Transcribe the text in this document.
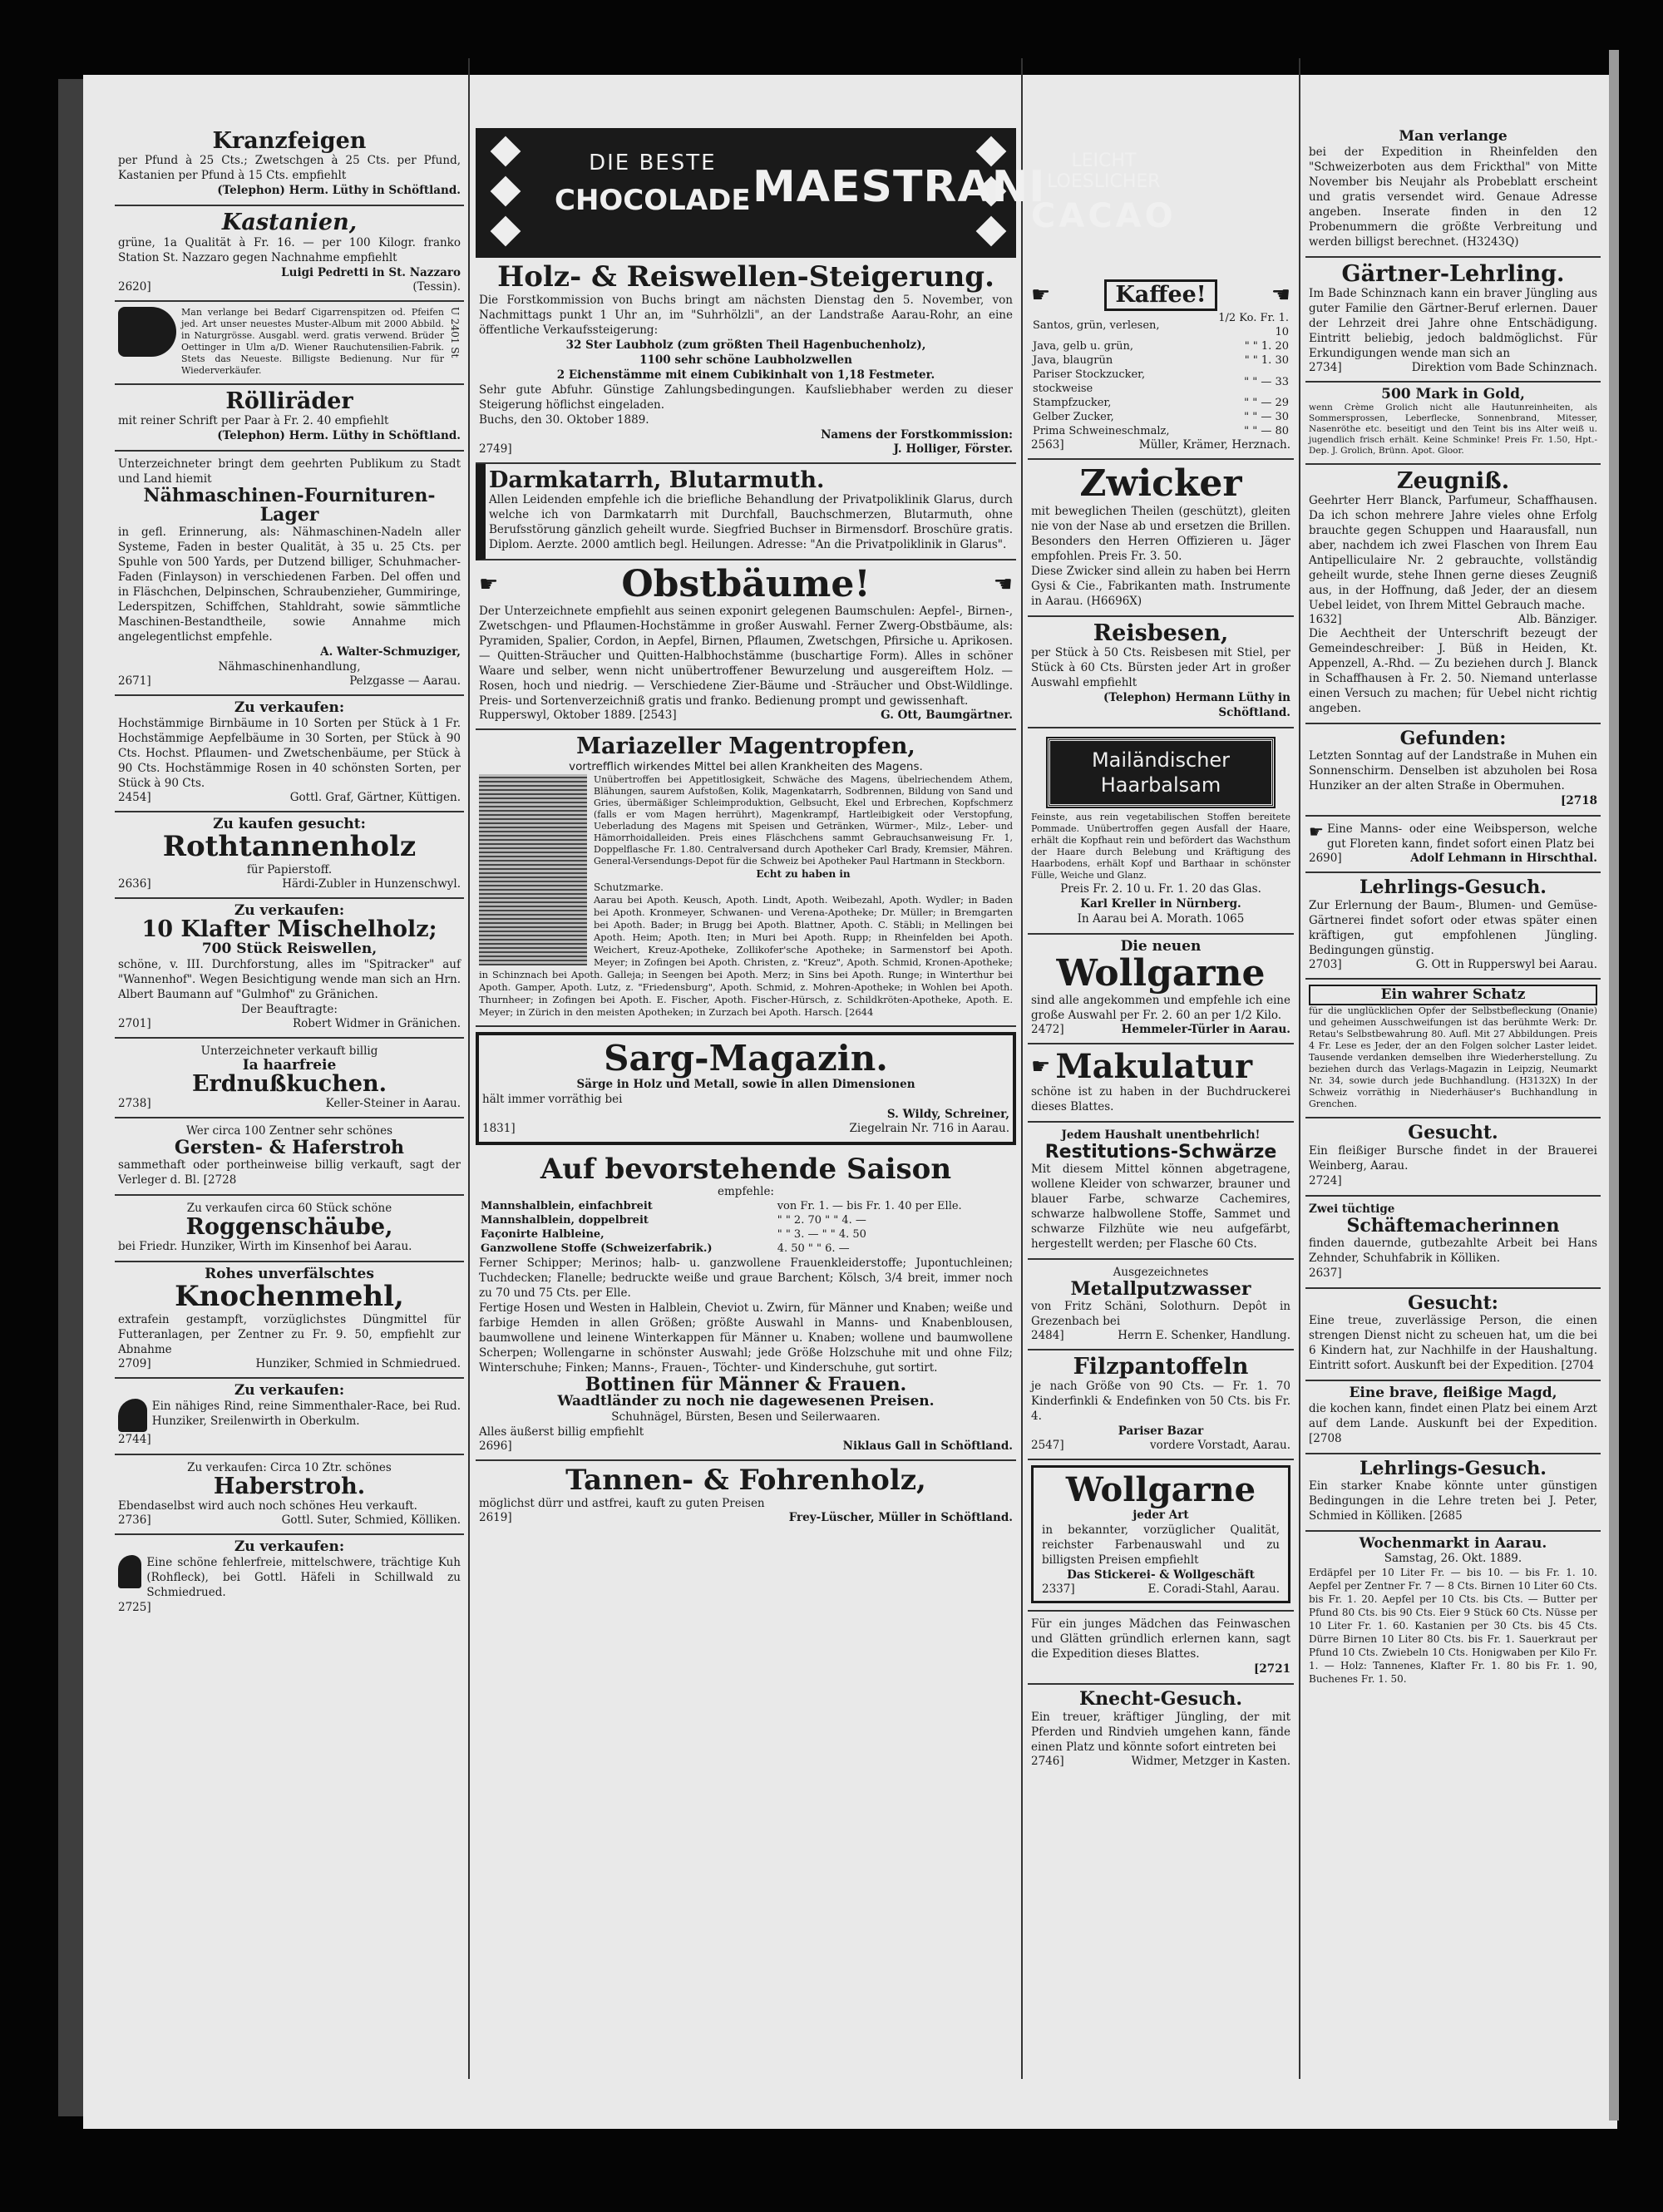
Kranzfeigen
per Pfund à 25 Cts.; Zwetschgen à 25 Cts. per Pfund, Kastanien per Pfund à 15 Cts. empfiehlt
(Telephon) Herm. Lüthy in Schöftland.
Kastanien,
grüne, 1a Qualität à Fr. 16. — per 100 Kilogr. franko Station St. Nazzaro gegen Nachnahme empfiehlt
Luigi Pedretti in St. Nazzaro
2620]	(Tessin).
Man verlange bei Bedarf Cigarrenspitzen od. Pfeifen jed. Art unser neuestes Muster-Album mit 2000 Abbild. in Naturgrösse. Ausgabl. werd. gratis verwend. Brüder Oettinger in Ulm a/D. Wiener Rauchutensilien-Fabrik. Stets das Neueste. Billigste Bedienung. Nur für Wiederverkäufer.
U 2401 St
Rölliräder
mit reiner Schrift per Paar à Fr. 2. 40 empfiehlt
(Telephon) Herm. Lüthy in Schöftland.
Unterzeichneter bringt dem geehrten Publikum zu Stadt und Land hiemit
Nähmaschinen-Fournituren-Lager
in gefl. Erinnerung, als: Nähmaschinen-Nadeln aller Systeme, Faden in bester Qualität, à 35 u. 25 Cts. per Spuhle von 500 Yards, per Dutzend billiger, Schuhmacher-Faden (Finlayson) in verschiedenen Farben. Del offen und in Fläschchen, Delpinschen, Schraubenzieher, Gummiringe, Lederspitzen, Schiffchen, Stahldraht, sowie sämmtliche Maschinen-Bestandtheile, sowie Annahme mich angelegentlichst empfehle.
A. Walter-Schmuziger,
Nähmaschinenhandlung,
2671]	Pelzgasse — Aarau.
Zu verkaufen:
Hochstämmige Birnbäume in 10 Sorten per Stück à 1 Fr. Hochstämmige Aepfelbäume in 30 Sorten, per Stück à 90 Cts. Hochst. Pflaumen- und Zwetschenbäume, per Stück à 90 Cts. Hochstämmige Rosen in 40 schönsten Sorten, per Stück à 90 Cts.
2454]	Gottl. Graf, Gärtner, Küttigen.
Zu kaufen gesucht:
Rothtannenholz
für Papierstoff.
2636]	Härdi-Zubler in Hunzenschwyl.
Zu verkaufen:
10 Klafter Mischelholz;
700 Stück Reiswellen,
schöne, v. III. Durchforstung, alles im "Spitracker" auf "Wannenhof". Wegen Besichtigung wende man sich an Hrn. Albert Baumann auf "Gulmhof" zu Gränichen.
Der Beauftragte:
2701]	Robert Widmer in Gränichen.
Unterzeichneter verkauft billig
Ia haarfreie
Erdnußkuchen.
2738]	Keller-Steiner in Aarau.
Wer circa 100 Zentner sehr schönes
Gersten- & Haferstroh
sammethaft oder portheinweise billig verkauft, sagt der Verleger d. Bl. [2728
Zu verkaufen circa 60 Stück schöne
Roggenschäube,
bei Friedr. Hunziker, Wirth im Kinsenhof bei Aarau.
Rohes unverfälschtes
Knochenmehl,
extrafein gestampft, vorzüglichstes Düngmittel für Futteranlagen, per Zentner zu Fr. 9. 50, empfiehlt zur Abnahme
2709]	Hunziker, Schmied in Schmiedrued.
Zu verkaufen:
Ein nähiges Rind, reine Simmenthaler-Race, bei Rud. Hunziker, Sreilenwirth in Oberkulm.
2744]
Zu verkaufen: Circa 10 Ztr. schönes
Haberstroh.
Ebendaselbst wird auch noch schönes Heu verkauft.
2736]	Gottl. Suter, Schmied, Kölliken.
Zu verkaufen:
Eine schöne fehlerfreie, mittelschwere, trächtige Kuh (Rohfleck), bei Gottl. Häfeli in Schillwald zu Schmiedrued.
2725]
DIE BESTE
CHOCOLADE MAESTRANI
LEICHT LOESLICHER
CACAO
Holz- & Reiswellen-Steigerung.
Die Forstkommission von Buchs bringt am nächsten Dienstag den 5. November, von Nachmittags punkt 1 Uhr an, im "Suhrhölzli", an der Landstraße Aarau-Rohr, an eine öffentliche Verkaufssteigerung:
32 Ster Laubholz (zum größten Theil Hagenbuchenholz),
1100 sehr schöne Laubholzwellen
2 Eichenstämme mit einem Cubikinhalt von 1,18 Festmeter.
Sehr gute Abfuhr. Günstige Zahlungsbedingungen. Kaufsliebhaber werden zu dieser Steigerung höflichst eingeladen.
Buchs, den 30. Oktober 1889.
Namens der Forstkommission:
2749]	J. Holliger, Förster.
Darmkatarrh, Blutarmuth.
Allen Leidenden empfehle ich die briefliche Behandlung der Privatpoliklinik Glarus, durch welche ich von Darmkatarrh mit Durchfall, Bauchschmerzen, Blutarmuth, ohne Berufsstörung gänzlich geheilt wurde. Siegfried Buchser in Birmensdorf. Broschüre gratis. Diplom. Aerzte. 2000 amtlich begl. Heilungen. Adresse: "An die Privatpoliklinik in Glarus".
☛	Obstbäume!	☚
Der Unterzeichnete empfiehlt aus seinen exponirt gelegenen Baumschulen: Aepfel-, Birnen-, Zwetschgen- und Pflaumen-Hochstämme in großer Auswahl. Ferner Zwerg-Obstbäume, als: Pyramiden, Spalier, Cordon, in Aepfel, Birnen, Pflaumen, Zwetschgen, Pfirsiche u. Aprikosen. — Quitten-Sträucher und Quitten-Halbhochstämme (buschartige Form). Alles in schöner Waare und selber, wenn nicht unübertroffener Bewurzelung und ausgereiftem Holz. — Rosen, hoch und niedrig. — Verschiedene Zier-Bäume und -Sträucher und Obst-Wildlinge. Preis- und Sortenverzeichniß gratis und franko. Bedienung prompt und gewissenhaft.
Rupperswyl, Oktober 1889. [2543]	G. Ott, Baumgärtner.
Mariazeller Magentropfen,
vortrefflich wirkendes Mittel bei allen Krankheiten des Magens.
Unübertroffen bei Appetitlosigkeit, Schwäche des Magens, übelriechendem Athem, Blähungen, saurem Aufstoßen, Kolik, Magenkatarrh, Sodbrennen, Bildung von Sand und Gries, übermäßiger Schleimproduktion, Gelbsucht, Ekel und Erbrechen, Kopfschmerz (falls er vom Magen herrührt), Magenkrampf, Hartleibigkeit oder Verstopfung, Ueberladung des Magens mit Speisen und Getränken, Würmer-, Milz-, Leber- und Hämorrhoidalleiden. Preis eines Fläschchens sammt Gebrauchsanweisung Fr. 1, Doppelflasche Fr. 1.80. Centralversand durch Apotheker Carl Brady, Kremsier, Mähren. General-Versendungs-Depot für die Schweiz bei Apotheker Paul Hartmann in Steckborn.
Echt zu haben in
Schutzmarke.
Aarau bei Apoth. Keusch, Apoth. Lindt, Apoth. Weibezahl, Apoth. Wydler; in Baden bei Apoth. Kronmeyer, Schwanen- und Verena-Apotheke; Dr. Müller; in Bremgarten bei Apoth. Bader; in Brugg bei Apoth. Blattner, Apoth. C. Stäbli; in Mellingen bei Apoth. Heim; Apoth. Iten; in Muri bei Apoth. Rupp; in Rheinfelden bei Apoth. Weichert, Kreuz-Apotheke, Zollikofer'sche Apotheke; in Sarmenstorf bei Apoth. Meyer; in Zofingen bei Apoth. Christen, z. "Kreuz", Apoth. Schmid, Kronen-Apotheke; in Schinznach bei Apoth. Galleja; in Seengen bei Apoth. Merz; in Sins bei Apoth. Runge; in Winterthur bei Apoth. Gamper, Apoth. Lutz, z. "Friedensburg", Apoth. Schmid, z. Mohren-Apotheke; in Wohlen bei Apoth. Thurnheer; in Zofingen bei Apoth. E. Fischer, Apoth. Fischer-Hürsch, z. Schildkröten-Apotheke, Apoth. E. Meyer; in Zürich in den meisten Apotheken; in Zurzach bei Apoth. Harsch. [2644
Sarg-Magazin.
Särge in Holz und Metall, sowie in allen Dimensionen
hält immer vorräthig bei
S. Wildy, Schreiner,
1831]	Ziegelrain Nr. 716 in Aarau.
Auf bevorstehende Saison
empfehle:
Mannshalblein, einfachbreit	von Fr. 1. — bis Fr. 1. 40 per Elle.
Mannshalblein, doppelbreit	" " 2. 70 " " 4. —
Façonirte Halbleine,	" " 3. — " " 4. 50
Ganzwollene Stoffe (Schweizerfabrik.)	4. 50 " " 6. —
Ferner Schipper; Merinos; halb- u. ganzwollene Frauenkleiderstoffe; Jupontuchleinen; Tuchdecken; Flanelle; bedruckte weiße und graue Barchent; Kölsch, 3/4 breit, immer noch zu 70 und 75 Cts. per Elle.
Fertige Hosen und Westen in Halblein, Cheviot u. Zwirn, für Männer und Knaben; weiße und farbige Hemden in allen Größen; größte Auswahl in Manns- und Knabenblousen, baumwollene und leinene Winterkappen für Männer u. Knaben; wollene und baumwollene Scherpen; Wollengarne in schönster Auswahl; jede Größe Holzschuhe mit und ohne Filz; Winterschuhe; Finken; Manns-, Frauen-, Töchter- und Kinderschuhe, gut sortirt.
Bottinen für Männer & Frauen.
Waadtländer zu noch nie dagewesenen Preisen.
Schuhnägel, Bürsten, Besen und Seilerwaaren.
Alles äußerst billig empfiehlt
2696]	Niklaus Gall in Schöftland.
Tannen- & Fohrenholz,
möglichst dürr und astfrei, kauft zu guten Preisen
2619]	Frey-Lüscher, Müller in Schöftland.
☛	Kaffee!	☚
Santos, grün, verlesen,	1/2 Ko. Fr. 1. 10
Java, gelb u. grün,	" " 1. 20
Java, blaugrün	" " 1. 30
Pariser Stockzucker, stockweise	" " — 33
Stampfzucker,	" " — 29
Gelber Zucker,	" " — 30
Prima Schweineschmalz,	" " — 80
2563]	Müller, Krämer, Herznach.
Zwicker
mit beweglichen Theilen (geschützt), gleiten nie von der Nase ab und ersetzen die Brillen. Besonders den Herren Offizieren u. Jäger empfohlen. Preis Fr. 3. 50.
Diese Zwicker sind allein zu haben bei Herrn Gysi & Cie., Fabrikanten math. Instrumente in Aarau. (H6696X)
Reisbesen,
per Stück à 50 Cts. Reisbesen mit Stiel, per Stück à 60 Cts. Bürsten jeder Art in großer Auswahl empfiehlt
(Telephon) Hermann Lüthy in Schöftland.
Mailändischer
Haarbalsam
Feinste, aus rein vegetabilischen Stoffen bereitete Pommade. Unübertroffen gegen Ausfall der Haare, erhält die Kopfhaut rein und befördert das Wachsthum der Haare durch Belebung und Kräftigung des Haarbodens, erhält Kopf und Barthaar in schönster Fülle, Weiche und Glanz.
Preis Fr. 2. 10 u. Fr. 1. 20 das Glas.
Karl Kreller in Nürnberg.
In Aarau bei A. Morath. 1065
Die neuen
Wollgarne
sind alle angekommen und empfehle ich eine große Auswahl per Fr. 2. 60 an per 1/2 Kilo.
2472]	Hemmeler-Türler in Aarau.
☛ Makulatur
schöne ist zu haben in der Buchdruckerei dieses Blattes.
Jedem Haushalt unentbehrlich!
Restitutions-Schwärze
Mit diesem Mittel können abgetragene, wollene Kleider von schwarzer, brauner und blauer Farbe, schwarze Cachemires, schwarze halbwollene Stoffe, Sammet und schwarze Filzhüte wie neu aufgefärbt, hergestellt werden; per Flasche 60 Cts.
Ausgezeichnetes
Metallputzwasser
von Fritz Schäni, Solothurn. Depôt in Grezenbach bei
2484]	Herrn E. Schenker, Handlung.
Filzpantoffeln
je nach Größe von 90 Cts. — Fr. 1. 70 Kinderfinkli & Endefinken von 50 Cts. bis Fr. 4.
Pariser Bazar
2547]	vordere Vorstadt, Aarau.
Wollgarne
jeder Art
in bekannter, vorzüglicher Qualität, reichster Farbenauswahl und zu billigsten Preisen empfiehlt
Das Stickerei- & Wollgeschäft
2337]	E. Coradi-Stahl, Aarau.
Für ein junges Mädchen das Feinwaschen und Glätten gründlich erlernen kann, sagt die Expedition dieses Blattes.
[2721
Knecht-Gesuch.
Ein treuer, kräftiger Jüngling, der mit Pferden und Rindvieh umgehen kann, fände einen Platz und könnte sofort eintreten bei
2746]	Widmer, Metzger in Kasten.
Man verlange
bei der Expedition in Rheinfelden den "Schweizerboten aus dem Frickthal" von Mitte November bis Neujahr als Probeblatt erscheint und gratis versendet wird. Genaue Adresse angeben. Inserate finden in den 12 Probenummern die größte Verbreitung und werden billigst berechnet. (H3243Q)
Gärtner-Lehrling.
Im Bade Schinznach kann ein braver Jüngling aus guter Familie den Gärtner-Beruf erlernen. Dauer der Lehrzeit drei Jahre ohne Entschädigung. Eintritt beliebig, jedoch baldmöglichst. Für Erkundigungen wende man sich an
2734]	Direktion vom Bade Schinznach.
500 Mark in Gold,
wenn Crème Grolich nicht alle Hautunreinheiten, als Sommersprossen, Leberflecke, Sonnenbrand, Mitesser, Nasenröthe etc. beseitigt und den Teint bis ins Alter weiß u. jugendlich frisch erhält. Keine Schminke! Preis Fr. 1.50, Hpt.-Dep. J. Grolich, Brünn. Apot. Gloor.
Zeugniß.
Geehrter Herr Blanck, Parfumeur, Schaffhausen. Da ich schon mehrere Jahre vieles ohne Erfolg brauchte gegen Schuppen und Haarausfall, nun aber, nachdem ich zwei Flaschen von Ihrem Eau Antipelliculaire Nr. 2 gebrauchte, vollständig geheilt wurde, stehe Ihnen gerne dieses Zeugniß aus, in der Hoffnung, daß Jeder, der an diesem Uebel leidet, von Ihrem Mittel Gebrauch mache.
1632]	Alb. Bänziger.
Die Aechtheit der Unterschrift bezeugt der Gemeindeschreiber: J. Büß in Heiden, Kt. Appenzell, A.-Rhd. — Zu beziehen durch J. Blanck in Schaffhausen à Fr. 2. 50. Niemand unterlasse einen Versuch zu machen; für Uebel nicht richtig angeben.
Gefunden:
Letzten Sonntag auf der Landstraße in Muhen ein Sonnenschirm. Denselben ist abzuholen bei Rosa Hunziker an der alten Straße in Obermuhen.
[2718
☛ Eine Manns- oder eine Weibsperson, welche gut Floreten kann, findet sofort einen Platz bei
2690]	Adolf Lehmann in Hirschthal.
Lehrlings-Gesuch.
Zur Erlernung der Baum-, Blumen- und Gemüse-Gärtnerei findet sofort oder etwas später einen kräftigen, gut empfohlenen Jüngling. Bedingungen günstig.
2703]	G. Ott in Rupperswyl bei Aarau.
Ein wahrer Schatz
für die unglücklichen Opfer der Selbstbefleckung (Onanie) und geheimen Ausschweifungen ist das berühmte Werk: Dr. Retau's Selbstbewahrung 80. Aufl. Mit 27 Abbildungen. Preis 4 Fr. Lese es Jeder, der an den Folgen solcher Laster leidet. Tausende verdanken demselben ihre Wiederherstellung. Zu beziehen durch das Verlags-Magazin in Leipzig, Neumarkt Nr. 34, sowie durch jede Buchhandlung. (H3132X) In der Schweiz vorräthig in Niederhäuser's Buchhandlung in Grenchen.
Gesucht.
Ein fleißiger Bursche findet in der Brauerei Weinberg, Aarau.
2724]
Zwei tüchtige
Schäftemacherinnen
finden dauernde, gutbezahlte Arbeit bei Hans Zehnder, Schuhfabrik in Kölliken.
2637]
Gesucht:
Eine treue, zuverlässige Person, die einen strengen Dienst nicht zu scheuen hat, um die bei 6 Kindern hat, zur Nachhilfe in der Haushaltung. Eintritt sofort. Auskunft bei der Expedition. [2704
Eine brave, fleißige Magd,
die kochen kann, findet einen Platz bei einem Arzt auf dem Lande. Auskunft bei der Expedition. [2708
Lehrlings-Gesuch.
Ein starker Knabe könnte unter günstigen Bedingungen in die Lehre treten bei J. Peter, Schmied in Kölliken. [2685
Wochenmarkt in Aarau.
Samstag, 26. Okt. 1889.
Erdäpfel per 10 Liter Fr. — bis 10. — bis Fr. 1. 10. Aepfel per Zentner Fr. 7 — 8 Cts. Birnen 10 Liter 60 Cts. bis Fr. 1. 20. Aepfel per 10 Cts. bis Cts. — Butter per Pfund 80 Cts. bis 90 Cts. Eier 9 Stück 60 Cts. Nüsse per 10 Liter Fr. 1. 60. Kastanien per 30 Cts. bis 45 Cts. Dürre Birnen 10 Liter 80 Cts. bis Fr. 1. Sauerkraut per Pfund 10 Cts. Zwiebeln 10 Cts. Honigwaben per Kilo Fr. 1. — Holz: Tannenes, Klafter Fr. 1. 80 bis Fr. 1. 90, Buchenes Fr. 1. 50.
